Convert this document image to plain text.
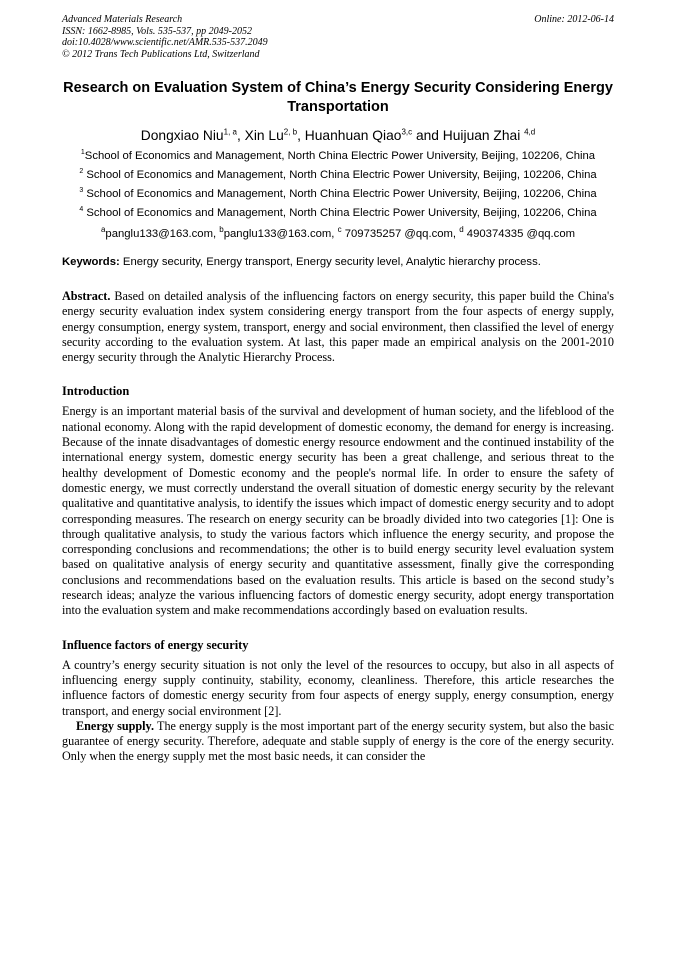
Advanced Materials Research	Online: 2012-06-14
ISSN: 1662-8985, Vols. 535-537, pp 2049-2052
doi:10.4028/www.scientific.net/AMR.535-537.2049
© 2012 Trans Tech Publications Ltd, Switzerland
Research on Evaluation System of China’s Energy Security Considering Energy Transportation
Dongxiao Niu$^{1, a}$, Xin Lu$^{2, b}$, Huanhuan Qiao$^{3,c}$ and Huijuan Zhai $^{4,d}$
$^1$School of Economics and Management, North China Electric Power University, Beijing, 102206, China
$^2$ School of Economics and Management, North China Electric Power University, Beijing, 102206, China
$^3$ School of Economics and Management, North China Electric Power University, Beijing, 102206, China
$^4$ School of Economics and Management, North China Electric Power University, Beijing, 102206, China
$^a$panglu133@163.com, $^b$panglu133@163.com, $^c$ 709735257 @qq.com, $^d$ 490374335 @qq.com
Keywords: Energy security, Energy transport, Energy security level, Analytic hierarchy process.
Abstract. Based on detailed analysis of the influencing factors on energy security, this paper build the China's energy security evaluation index system considering energy transport from the four aspects of energy supply, energy consumption, energy system, transport, energy and social environment, then classified the level of energy security according to the evaluation system. At last, this paper made an empirical analysis on the 2001-2010 energy security through the Analytic Hierarchy Process.
Introduction
Energy is an important material basis of the survival and development of human society, and the lifeblood of the national economy. Along with the rapid development of domestic economy, the demand for energy is increasing. Because of the innate disadvantages of domestic energy resource endowment and the continued instability of the international energy system, domestic energy security has been a great challenge, and serious threat to the healthy development of Domestic economy and the people's normal life. In order to ensure the safety of domestic energy, we must correctly understand the overall situation of domestic energy security by the relevant qualitative and quantitative analysis, to identify the issues which impact of domestic energy security and to adopt corresponding measures. The research on energy security can be broadly divided into two categories [1]: One is through qualitative analysis, to study the various factors which influence the energy security, and propose the corresponding conclusions and recommendations; the other is to build energy security level evaluation system based on qualitative analysis of energy security and quantitative assessment, finally give the corresponding conclusions and recommendations based on the evaluation results. This article is based on the second study’s research ideas; analyze the various influencing factors of domestic energy security, adopt energy transportation into the evaluation system and make recommendations accordingly based on evaluation results.
Influence factors of energy security
A country’s energy security situation is not only the level of the resources to occupy, but also in all aspects of influencing energy supply continuity, stability, economy, cleanliness. Therefore, this article researches the influence factors of domestic energy security from four aspects of energy supply, energy consumption, energy transport, and energy social environment [2].
Energy supply. The energy supply is the most important part of the energy security system, but also the basic guarantee of energy security. Therefore, adequate and stable supply of energy is the core of the energy security. Only when the energy supply met the most basic needs, it can consider the
